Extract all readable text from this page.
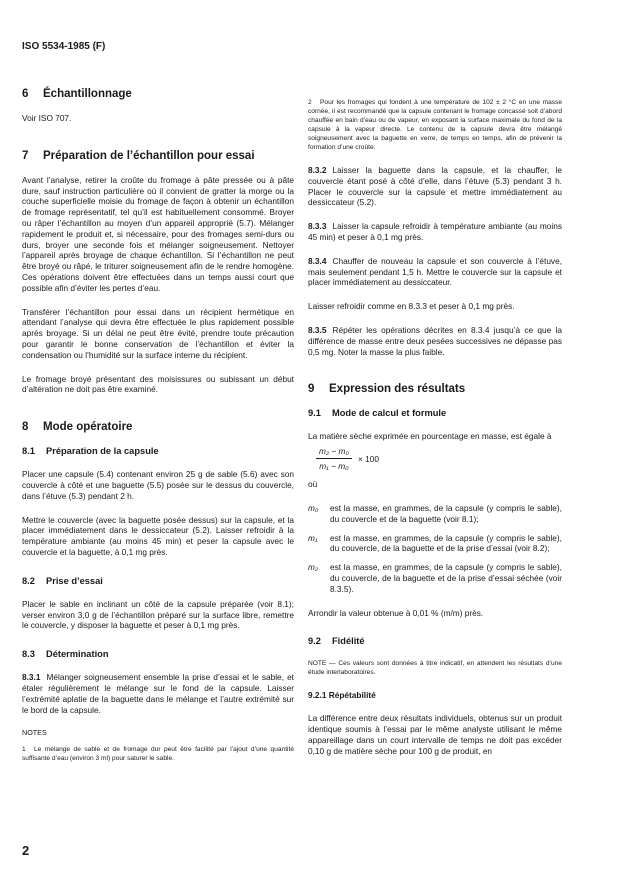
ISO 5534-1985 (F)
6	Échantillonnage

Voir ISO 707.

7	Préparation de l’échantillon pour essai

Avant l’analyse, retirer la croûte du fromage à pâte pressée ou à pâte dure, sauf instruction particulière où il convient de gratter la morge ou la couche superficielle moisie du fromage de façon à obtenir un échantillon de fromage représentatif, tel qu’il est habituellement consommé. Broyer ou râper l’échantillon au moyen d’un appareil approprié (5.7). Mélanger rapidement le produit et, si nécessaire, pour des fromages semi-durs ou durs, broyer une seconde fois et mélanger soigneusement. Nettoyer l’appareil après broyage de chaque échantillon. Si l’échantillon ne peut être broyé ou râpé, le triturer soigneusement afin de le rendre homogène. Ces opérations doivent être effectuées dans un temps aussi court que possible afin d’éviter les pertes d’eau.

Transférer l’échantillon pour essai dans un récipient hermétique en attendant l’analyse qui devra être effectuée le plus rapidement possible après broyage. Si un délai ne peut être évité, prendre toute précaution pour garantir le bonne conservation de l’échantillon et éviter la condensation ou l’humidité sur la surface interne du récipient.

Le fromage broyé présentant des moisissures ou subissant un début d’altération ne doit pas être examiné.

8	Mode opératoire
8.1	Préparation de la capsule

Placer une capsule (5.4) contenant environ 25 g de sable (5.6) avec son couvercle à côté et une baguette (5.5) posée sur le dessus du couvercle, dans l’étuve (5.3) pendant 2 h.

Mettre le couvercle (avec la baguette posée dessus) sur la capsule, et la placer immédiatement dans le dessiccateur (5.2). Laisser refroidir à la température ambiante (au moins 45 min) et peser la capsule avec le couvercle et la baguette, à 0,1 mg près.

8.2	Prise d’essai

Placer le sable en inclinant un côté de la capsule préparée (voir 8.1); verser environ 3,0 g de l’échantillon préparé sur la surface libre, remettre le couvercle, y disposer la baguette et peser à 0,1 mg près.

8.3	Détermination

8.3.1 Mélanger soigneusement ensemble la prise d’essai et le sable, et étaler régulièrement le mélange sur le fond de la capsule. Laisser l’extrémité aplatie de la baguette dans le mélange et l’autre extrémité sur le bord de la capsule.

NOTES

1 Le mélange de sable et de fromage dur peut être facilité par l’ajout d’une quantité suffisante d’eau (environ 3 ml) pour saturer le sable.

2 Pour les fromages qui fondent à une température de 102 ± 2 °C en une masse cornée, il est recommandé que la capsule contenant le fromage concassé soit d’abord chauffée en bain d’eau ou de vapeur, en exposant la surface maximale du fond de la capsule à la vapeur directe. Le contenu de la capsule devra être mélangé soigneusement avec la baguette en verre, de temps en temps, afin de prévenir la formation d’une croûte.

8.3.2 Laisser la baguette dans la capsule, et la chauffer, le couvercle étant posé à côté d’elle, dans l’étuve (5.3) pendant 3 h. Placer le couvercle sur la capsule et mettre immédiatement au dessiccateur (5.2).

8.3.3 Laisser la capsule refroidir à température ambiante (au moins 45 min) et peser à 0,1 mg près.

8.3.4 Chauffer de nouveau la capsule et son couvercle à l’étuve, mais seulement pendant 1,5 h. Mettre le couvercle sur la capsule et placer immédiatement au dessiccateur.

Laisser refroidir comme en 8.3.3 et peser à 0,1 mg près.

8.3.5 Répéter les opérations décrites en 8.3.4 jusqu’à ce que la différence de masse entre deux pesées successives ne dépasse pas 0,5 mg. Noter la masse la plus faible.

9	Expression des résultats
9.1	Mode de calcul et formule

La matière sèche exprimée en pourcentage en masse, est égale à

$\frac{\text{m₂ − m₀}}{\text{m₁ − m₀}} \times 100$

où

m₀	est la masse, en grammes, de la capsule (y compris le sable), du couvercle et de la baguette (voir 8.1);

m₁	est la masse, en grammes, de la capsule (y compris le sable), du couvercle, de la baguette et de la prise d’essai (voir 8.2);

m₂	est la masse, en grammes, de la capsule (y compris le sable), du couvercle, de la baguette et de la prise d’essai séchée (voir 8.3.5).

Arrondir la valeur obtenue à 0,01 % (m/m) près.

9.2	Fidélité

NOTE — Ces valeurs sont données à titre indicatif, en attendent les résultats d’une étude interlaboratoires.

9.2.1 Répétabilité

La différence entre deux résultats individuels, obtenus sur un produit identique soumis à l’essai par le même analyste utilisant le même appareillage dans un court intervalle de temps ne doit pas excéder 0,10 g de matière sèche pour 100 g de produit, en

2
